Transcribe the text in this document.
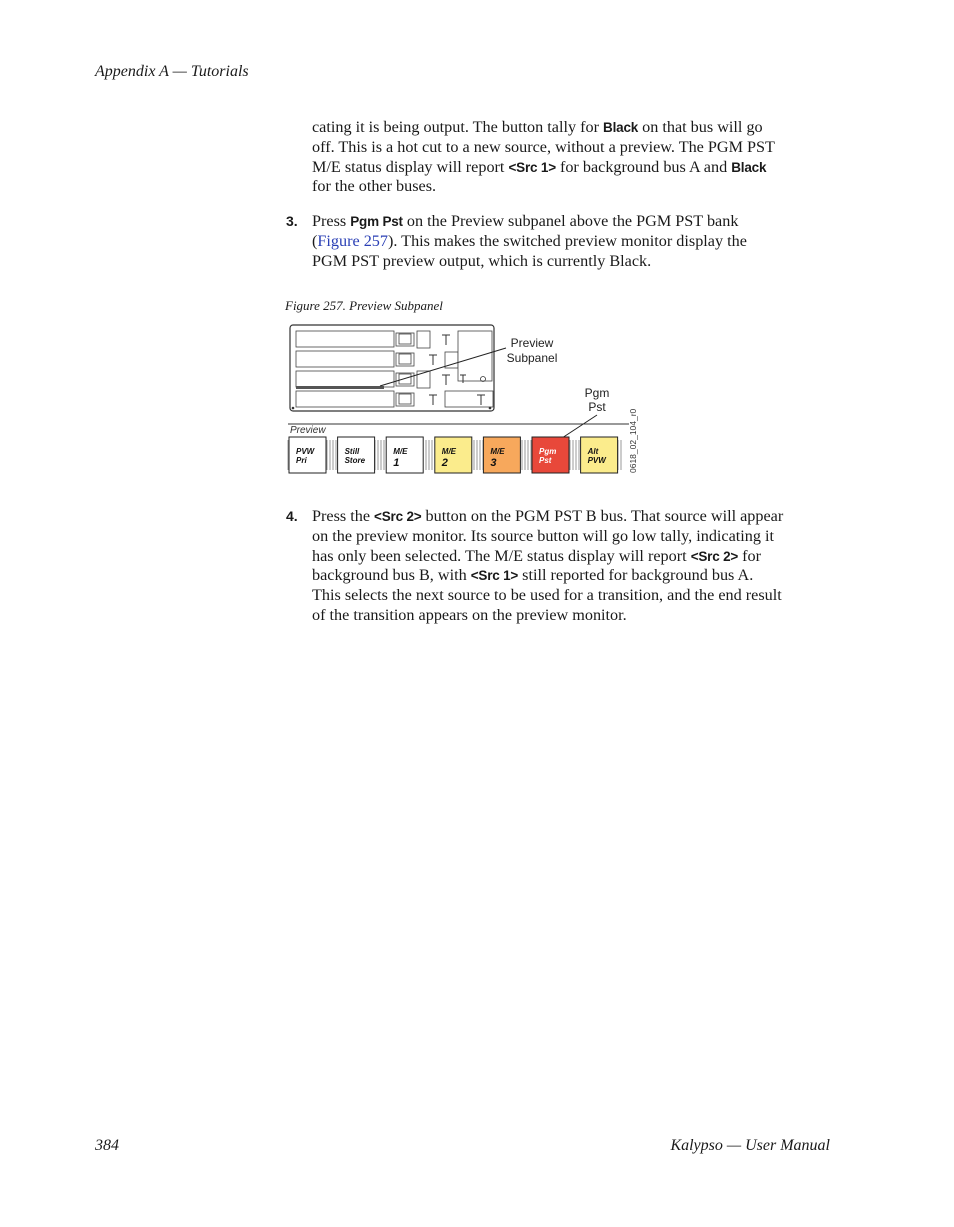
Appendix A — Tutorials

cating it is being output. The button tally for Black on that bus will go
off. This is a hot cut to a new source, without a preview. The PGM PST
M/E status display will report <Src 1> for background bus A and Black
for the other buses.

3. Press Pgm Pst on the Preview subpanel above the PGM PST bank
(Figure 257). This makes the switched preview monitor display the
PGM PST preview output, which is currently Black.

Figure 257. Preview Subpanel
Preview
Subpanel
Pgm
Pst
Preview
PVW
Pri
Still
Store
M/E
1
M/E
2
M/E
3
Pgm
Pst
Alt
PVW	0618_02_104_r0
4. Press the <Src 2> button on the PGM PST B bus. That source will appear
on the preview monitor. Its source button will go low tally, indicating it
has only been selected. The M/E status display will report <Src 2> for
background bus B, with <Src 1> still reported for background bus A.
This selects the next source to be used for a transition, and the end result
of the transition appears on the preview monitor.

384	Kalypso — User Manual
